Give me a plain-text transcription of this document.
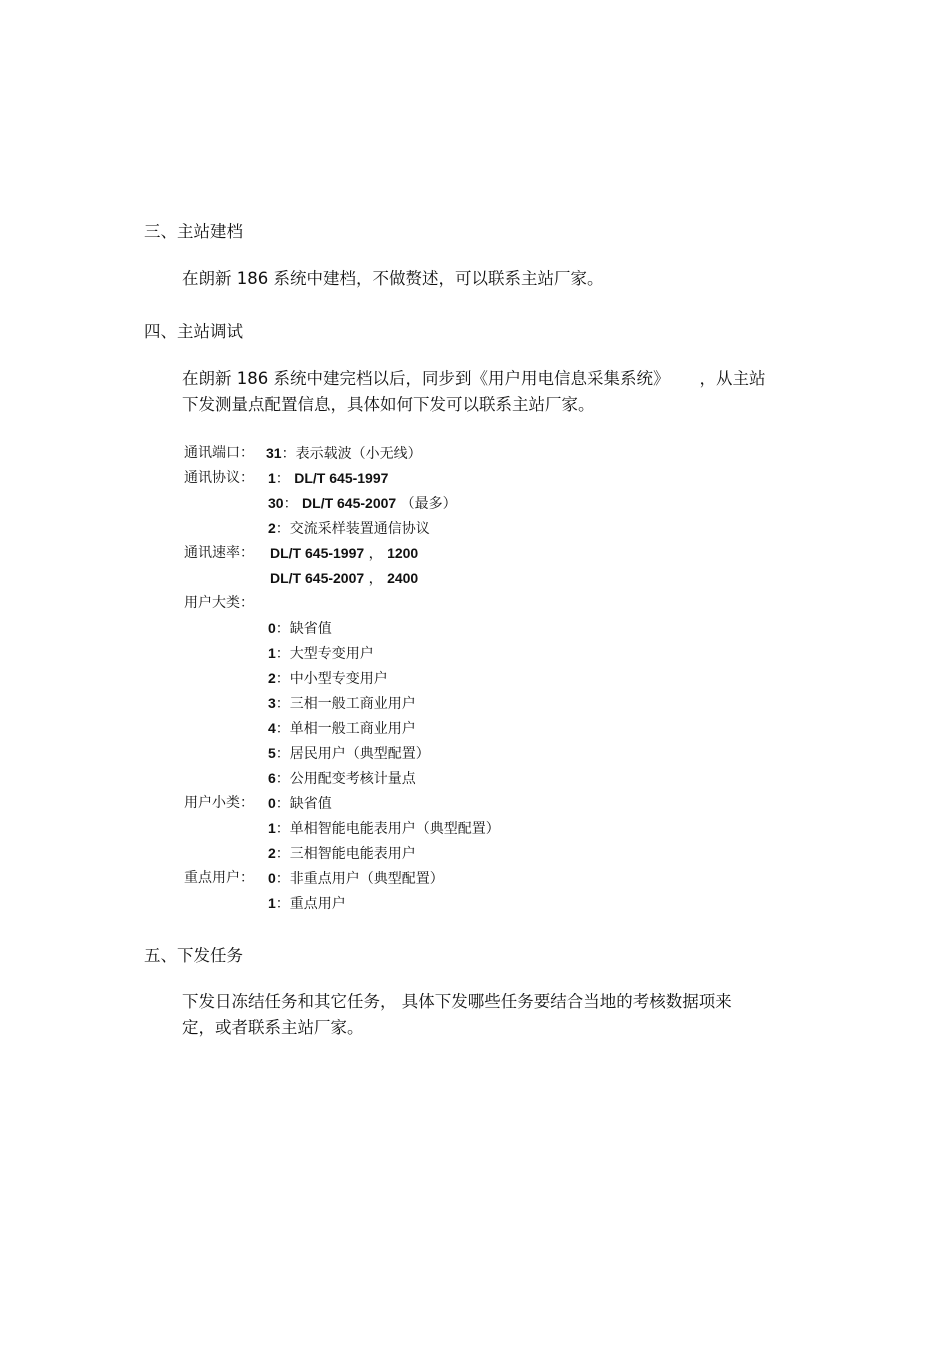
三、主站建档
在朗新 186 系统中建档，不做赘述，可以联系主站厂家。
四、主站调试
在朗新 186 系统中建完档以后，同步到《用户用电信息采集系统》 ，从主站
下发测量点配置信息，具体如何下发可以联系主站厂家。
通讯端口： 31：表示载波（小无线）
通讯协议： 1： DL/T 645-1997
30： DL/T 645-2007 （最多）
2：交流采样装置通信协议
通讯速率： DL/T 645-1997 ， 1200
DL/T 645-2007 ， 2400
用户大类：
0：缺省值
1：大型专变用户
2：中小型专变用户
3：三相一般工商业用户
4：单相一般工商业用户
5：居民用户（典型配置）
6：公用配变考核计量点
用户小类： 0：缺省值
1：单相智能电能表用户（典型配置）
2：三相智能电能表用户
重点用户： 0：非重点用户（典型配置）
1：重点用户
五、下发任务
下发日冻结任务和其它任务， 具体下发哪些任务要结合当地的考核数据项来
定，或者联系主站厂家。
